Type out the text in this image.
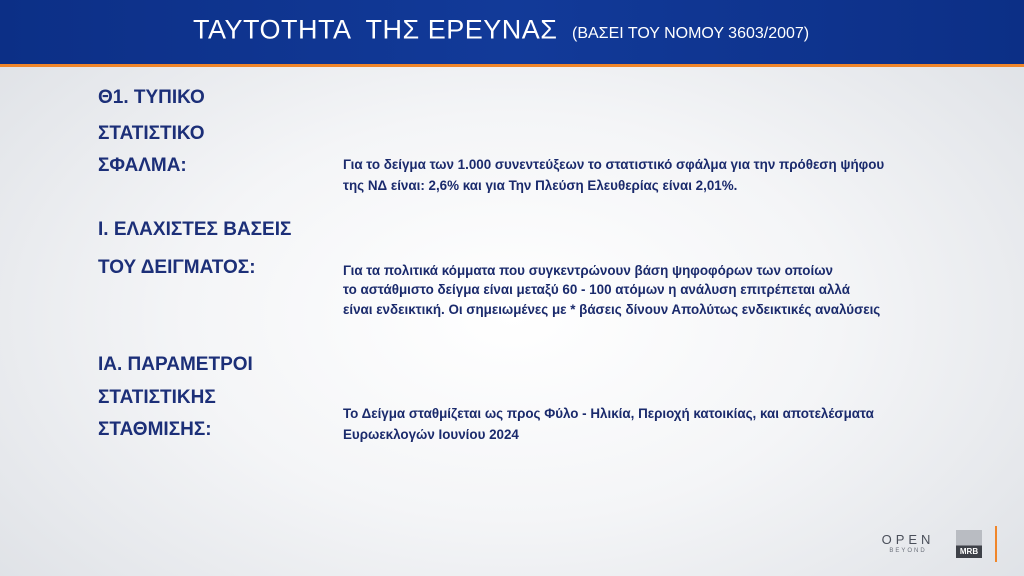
ΤΑΥΤΟΤΗΤΑ  ΤΗΣ ΕΡΕΥΝΑΣ (ΒΑΣΕΙ ΤΟΥ ΝΟΜΟΥ 3603/2007)
Θ1. ΤΥΠΙΚΟ
ΣΤΑΤΙΣΤΙΚΟ
ΣΦΑΛΜΑ:	Για το δείγμα των 1.000 συνεντεύξεων το στατιστικό σφάλμα για την πρόθεση ψήφου
της ΝΔ είναι: 2,6% και για Την Πλεύση Ελευθερίας είναι 2,01%.
Ι. ΕΛΑΧΙΣΤΕΣ ΒΑΣΕΙΣ
ΤΟΥ ΔΕΙΓΜΑΤΟΣ:	Για τα πολιτικά κόμματα που συγκεντρώνουν βάση ψηφοφόρων των οποίων
το αστάθμιστο δείγμα είναι μεταξύ 60 - 100 ατόμων η ανάλυση επιτρέπεται αλλά
είναι ενδεικτική. Οι σημειωμένες με * βάσεις δίνουν Απολύτως ενδεικτικές αναλύσεις
ΙΑ. ΠΑΡΑΜΕΤΡΟΙ
ΣΤΑΤΙΣΤΙΚΗΣ
ΣΤΑΘΜΙΣΗΣ:
Το Δείγμα σταθμίζεται ως προς Φύλο - Ηλικία, Περιοχή κατοικίας, και αποτελέσματα
Ευρωεκλογών Ιουνίου 2024
OPEN
BEYOND	MRB
